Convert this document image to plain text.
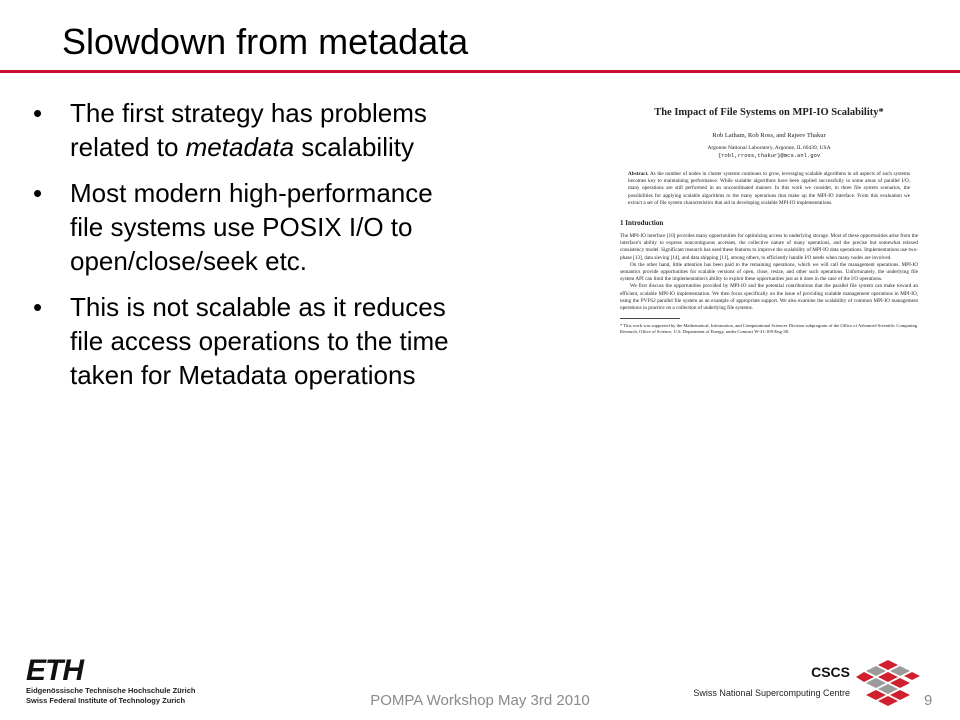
Slowdown from metadata
• The first strategy has problems related to metadata scalability
• Most modern high-performance file systems use POSIX I/O to open/close/seek etc.
• This is not scalable as it reduces file access operations to the time taken for Metadata operations
The Impact of File Systems on MPI-IO Scalability*
Rob Latham, Rob Ross, and Rajeev Thakur
Argonne National Laboratory, Argonne, IL 60439, USA
{robl,rross,thakur}@mcs.anl.gov
Abstract. As the number of nodes in cluster systems continues to grow, leveraging scalable algorithms in all aspects of such systems becomes key to maintaining performance. While scalable algorithms have been applied successfully in some areas of parallel I/O, many operations are still performed in an uncoordinated manner. In this work we consider, in three file system scenarios, the possibilities for applying scalable algorithms to the many operations that make up the MPI-IO interface. From this evaluation we extract a set of file system characteristics that aid in developing scalable MPI-IO implementations.
1 Introduction

The MPI-IO interface [10] provides many opportunities for optimizing access to underlying storage. Most of these opportunities arise from the interface's ability to express noncontiguous accesses, the collective nature of many operations, and the precise but somewhat relaxed consistency model. Significant research has used these features to improve the scalability of MPI-IO data operations. Implementations use two-phase [13], data sieving [14], and data shipping [11], among others, to efficiently handle I/O needs when many nodes are involved.

On the other hand, little attention has been paid to the remaining operations, which we will call the management operations. MPI-IO semantics provide opportunities for scalable versions of open, close, resize, and other such operations. Unfortunately, the underlying file system API can limit the implementation's ability to exploit these opportunities just as it does in the case of the I/O operations.

We first discuss the opportunities provided by MPI-IO and the potential contributions that the parallel file system can make toward an efficient, scalable MPI-IO implementation. We then focus specifically on the issue of providing scalable management operations in MPI-IO, using the PVFS2 parallel file system as an example of appropriate support. We also examine the scalability of common MPI-IO management operations in practice on a collection of underlying file systems.

* This work was supported by the Mathematical, Information, and Computational Sciences Division subprogram of the Office of Advanced Scientific Computing Research, Office of Science, U.S. Department of Energy, under Contract W-31-109-Eng-38.
ETH
Eidgenössische Technische Hochschule Zürich
Swiss Federal Institute of Technology Zurich	POMPA Workshop May 3rd 2010
CSCS
Swiss National Supercomputing Centre	9
